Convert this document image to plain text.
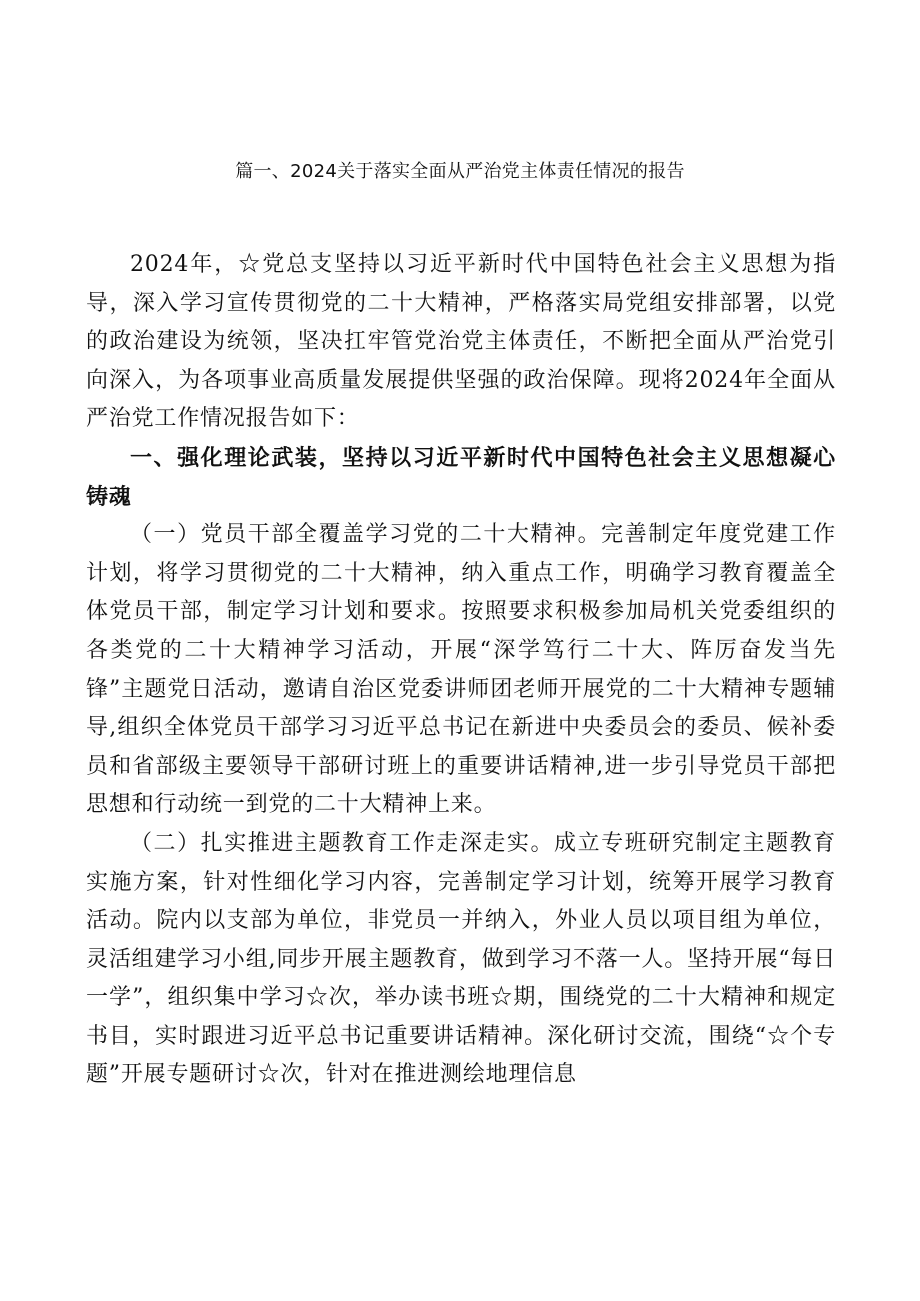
篇一、2024关于落实全面从严治党主体责任情况的报告

2024年，☆党总支坚持以习近平新时代中国特色社会主义思想为指导，深入学习宣传贯彻党的二十大精神，严格落实局党组安排部署，以党的政治建设为统领，坚决扛牢管党治党主体责任，不断把全面从严治党引向深入，为各项事业高质量发展提供坚强的政治保障。现将2024年全面从严治党工作情况报告如下：

一、强化理论武装，坚持以习近平新时代中国特色社会主义思想凝心铸魂

（一）党员干部全覆盖学习党的二十大精神。完善制定年度党建工作计划，将学习贯彻党的二十大精神，纳入重点工作，明确学习教育覆盖全体党员干部，制定学习计划和要求。按照要求积极参加局机关党委组织的各类党的二十大精神学习活动，开展“深学笃行二十大、阵厉奋发当先锋”主题党日活动，邀请自治区党委讲师团老师开展党的二十大精神专题辅导,组织全体党员干部学习习近平总书记在新进中央委员会的委员、候补委员和省部级主要领导干部研讨班上的重要讲话精神,进一步引导党员干部把思想和行动统一到党的二十大精神上来。

（二）扎实推进主题教育工作走深走实。成立专班研究制定主题教育实施方案，针对性细化学习内容，完善制定学习计划，统筹开展学习教育活动。院内以支部为单位，非党员一并纳入，外业人员以项目组为单位，灵活组建学习小组,同步开展主题教育，做到学习不落一人。坚持开展“每日一学”，组织集中学习☆次，举办读书班☆期，围绕党的二十大精神和规定书目，实时跟进习近平总书记重要讲话精神。深化研讨交流，围绕“☆个专题”开展专题研讨☆次，针对在推进测绘地理信息
